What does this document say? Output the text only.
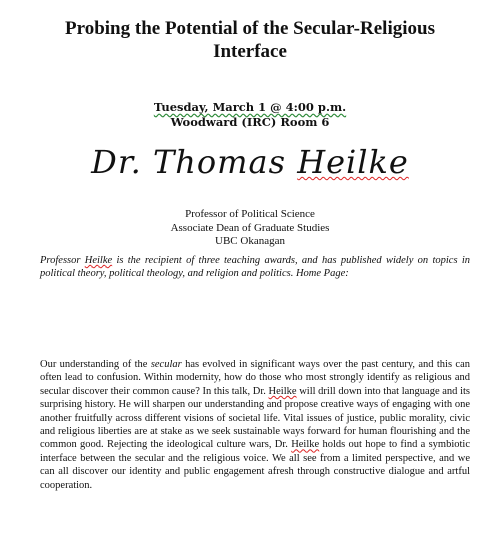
Probing the Potential of the Secular-Religious
Interface
Tuesday, March 1 @ 4:00 p.m.
Woodward (IRC) Room 6
Dr. Thomas Heilke
Professor of Political Science
Associate Dean of Graduate Studies
UBC Okanagan
Professor Heilke is the recipient of three teaching awards, and has published widely on topics in political theory, political theology, and religion and politics. Home Page:
Our understanding of the secular has evolved in significant ways over the past century, and this can often lead to confusion. Within modernity, how do those who most strongly identify as religious and secular discover their common cause? In this talk, Dr. Heilke will drill down into that language and its surprising history. He will sharpen our understanding and propose creative ways of engaging with one another fruitfully across different visions of societal life. Vital issues of justice, public morality, civic and religious liberties are at stake as we seek sustainable ways forward for human flourishing and the common good. Rejecting the ideological culture wars, Dr. Heilke holds out hope to find a symbiotic interface between the secular and the religious voice. We all see from a limited perspective, and we can all discover our identity and public engagement afresh through constructive dialogue and artful cooperation.
